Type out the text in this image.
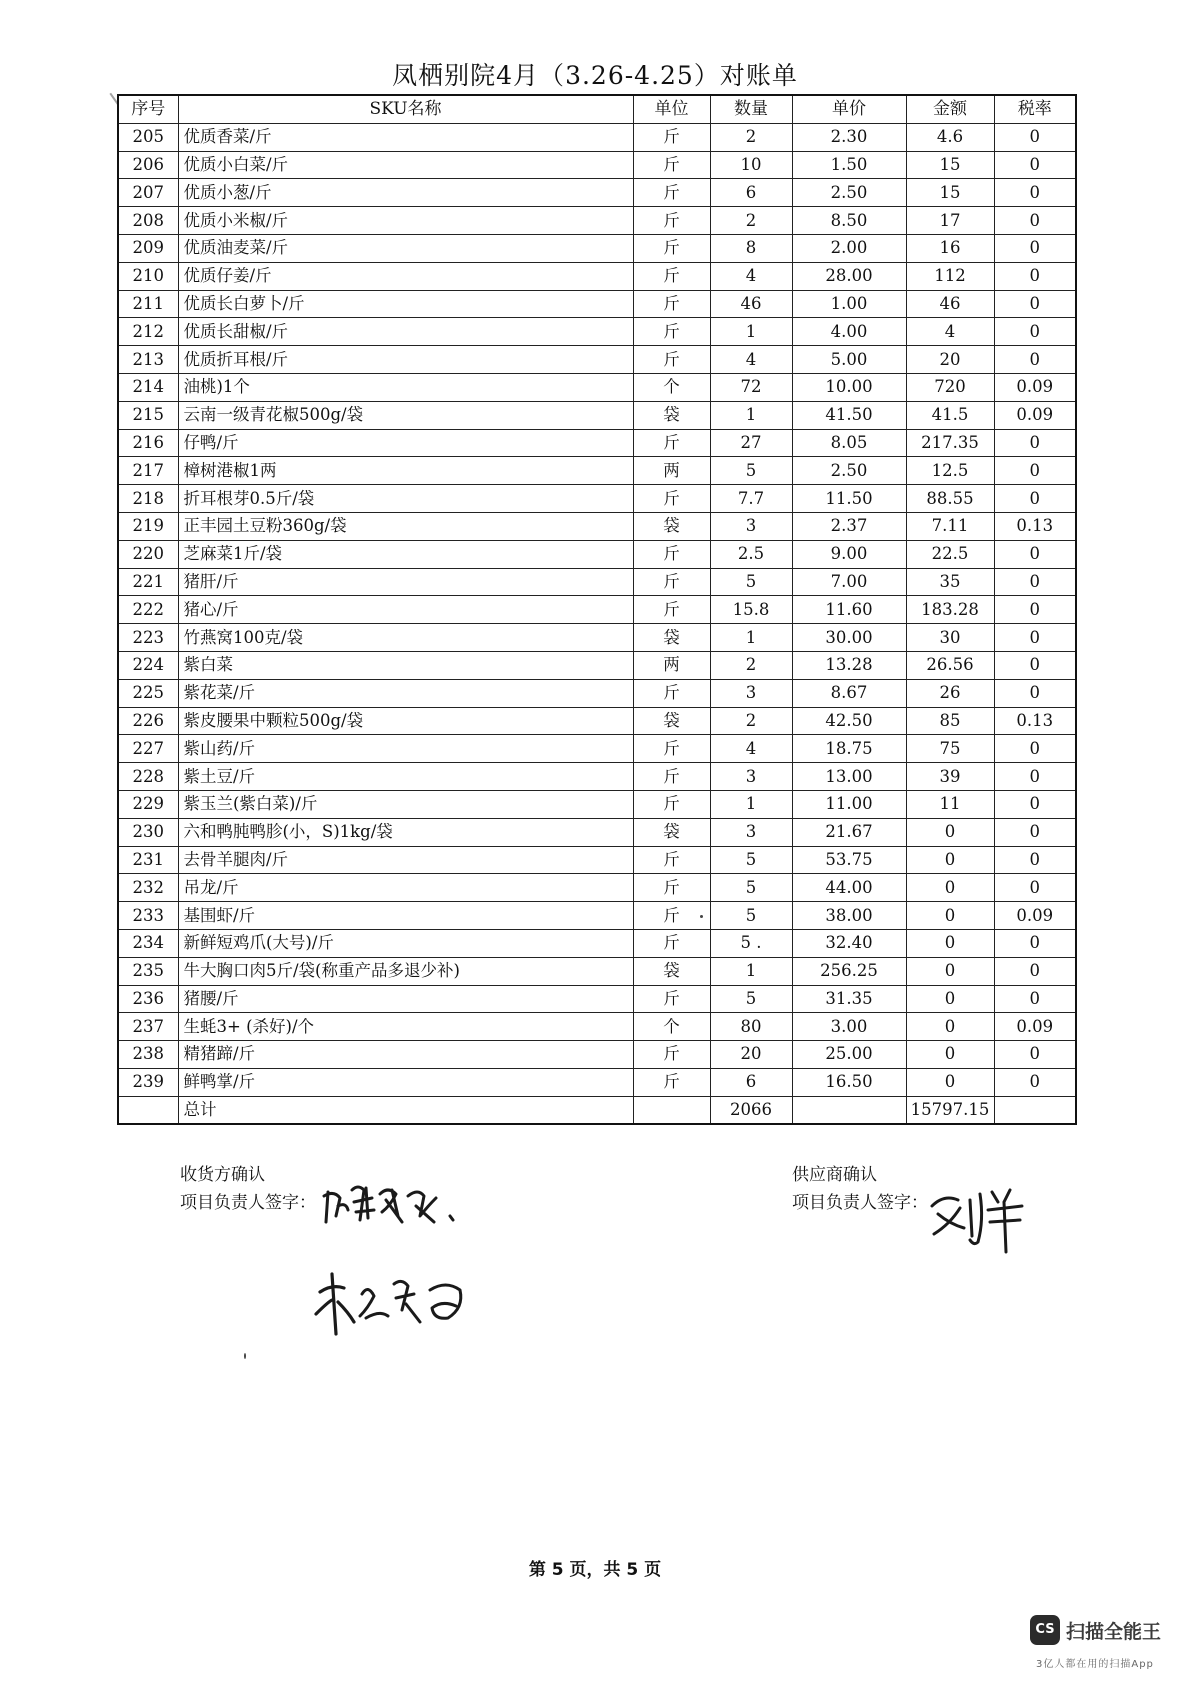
凤栖别院4月（3.26-4.25）对账单
序号	SKU名称	单位	数量	单价	金额	税率
205	优质香菜/斤	斤	2	2.30	4.6	0
206	优质小白菜/斤	斤	10	1.50	15	0
207	优质小葱/斤	斤	6	2.50	15	0
208	优质小米椒/斤	斤	2	8.50	17	0
209	优质油麦菜/斤	斤	8	2.00	16	0
210	优质仔姜/斤	斤	4	28.00	112	0
211	优质长白萝卜/斤	斤	46	1.00	46	0
212	优质长甜椒/斤	斤	1	4.00	4	0
213	优质折耳根/斤	斤	4	5.00	20	0
214	油桃)1个	个	72	10.00	720	0.09
215	云南一级青花椒500g/袋	袋	1	41.50	41.5	0.09
216	仔鸭/斤	斤	27	8.05	217.35	0
217	樟树港椒1两	两	5	2.50	12.5	0
218	折耳根芽0.5斤/袋	斤	7.7	11.50	88.55	0
219	正丰园土豆粉360g/袋	袋	3	2.37	7.11	0.13
220	芝麻菜1斤/袋	斤	2.5	9.00	22.5	0
221	猪肝/斤	斤	5	7.00	35	0
222	猪心/斤	斤	15.8	11.60	183.28	0
223	竹燕窝100克/袋	袋	1	30.00	30	0
224	紫白菜	两	2	13.28	26.56	0
225	紫花菜/斤	斤	3	8.67	26	0
226	紫皮腰果中颗粒500g/袋	袋	2	42.50	85	0.13
227	紫山药/斤	斤	4	18.75	75	0
228	紫土豆/斤	斤	3	13.00	39	0
229	紫玉兰(紫白菜)/斤	斤	1	11.00	11	0
230	六和鸭肫鸭胗(小，S)1kg/袋	袋	3	21.67	0	0
231	去骨羊腿肉/斤	斤	5	53.75	0	0
232	吊龙/斤	斤	5	44.00	0	0
233	基围虾/斤	斤	5	38.00	0	0.09
234	新鲜短鸡爪(大号)/斤	斤	5 .	32.40	0	0
235	牛大胸口肉5斤/袋(称重产品多退少补)	袋	1	256.25	0	0
236	猪腰/斤	斤	5	31.35	0	0
237	生蚝3+ (杀好)/个	个	80	3.00	0	0.09
238	精猪蹄/斤	斤	20	25.00	0	0
239	鲜鸭掌/斤	斤	6	16.50	0	0
	总计		2066		15797.15	
收货方确认
项目负责人签字：
供应商确认
项目负责人签字：
第 5 页，共 5 页
CS 扫描全能王
3亿人都在用的扫描App
